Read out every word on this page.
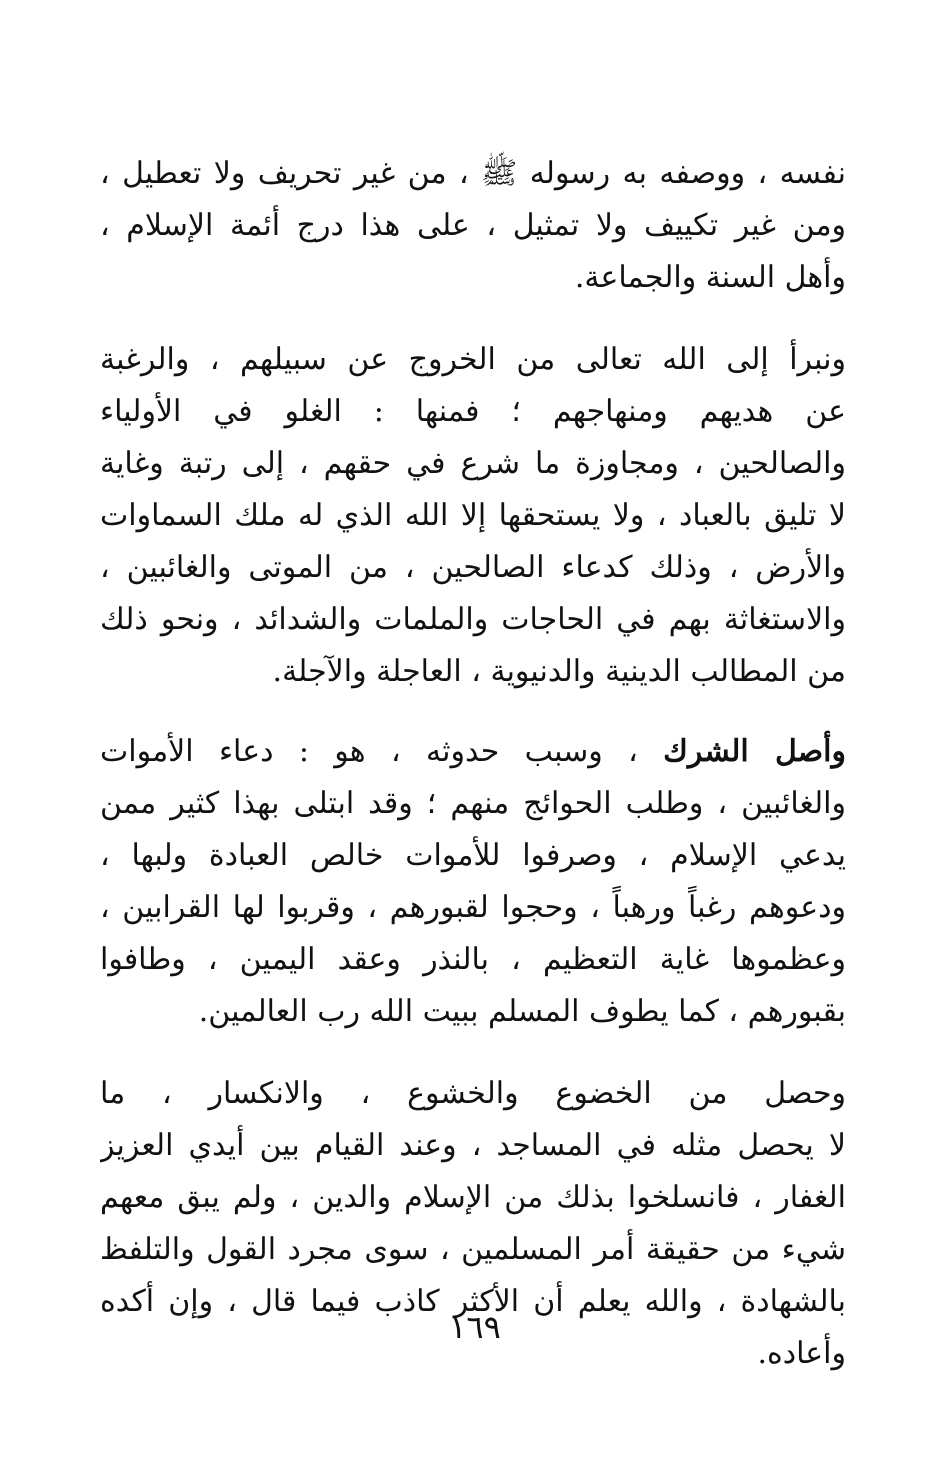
نفسه ، ووصفه به رسوله ﷺ ، من غير تحريف ولا تعطيل ،
ومن غير تكييف ولا تمثيل ، على هذا درج أئمة الإسلام ،
وأهل السنة والجماعة.
ونبرأ إلى الله تعالى من الخروج عن سبيلهم ، والرغبة
عن هديهم ومنهاجهم ؛ فمنها : الغلو في الأولياء
والصالحين ، ومجاوزة ما شرع في حقهم ، إلى رتبة وغاية
لا تليق بالعباد ، ولا يستحقها إلا الله الذي له ملك السماوات
والأرض ، وذلك كدعاء الصالحين ، من الموتى والغائبين ،
والاستغاثة بهم في الحاجات والملمات والشدائد ، ونحو ذلك
من المطالب الدينية والدنيوية ، العاجلة والآجلة.
وأصل الشرك ، وسبب حدوثه ، هو : دعاء الأموات
والغائبين ، وطلب الحوائج منهم ؛ وقد ابتلى بهذا كثير ممن
يدعي الإسلام ، وصرفوا للأموات خالص العبادة ولبها ،
ودعوهم رغباً ورهباً ، وحجوا لقبورهم ، وقربوا لها القرابين ،
وعظموها غاية التعظيم ، بالنذر وعقد اليمين ، وطافوا
بقبورهم ، كما يطوف المسلم ببيت الله رب العالمين.
وحصل من الخضوع والخشوع ، والانكسار ، ما
لا يحصل مثله في المساجد ، وعند القيام بين أيدي العزيز
الغفار ، فانسلخوا بذلك من الإسلام والدين ، ولم يبق معهم
شيء من حقيقة أمر المسلمين ، سوى مجرد القول والتلفظ
بالشهادة ، والله يعلم أن الأكثر كاذب فيما قال ، وإن أكده
وأعاده.
١٦٩
